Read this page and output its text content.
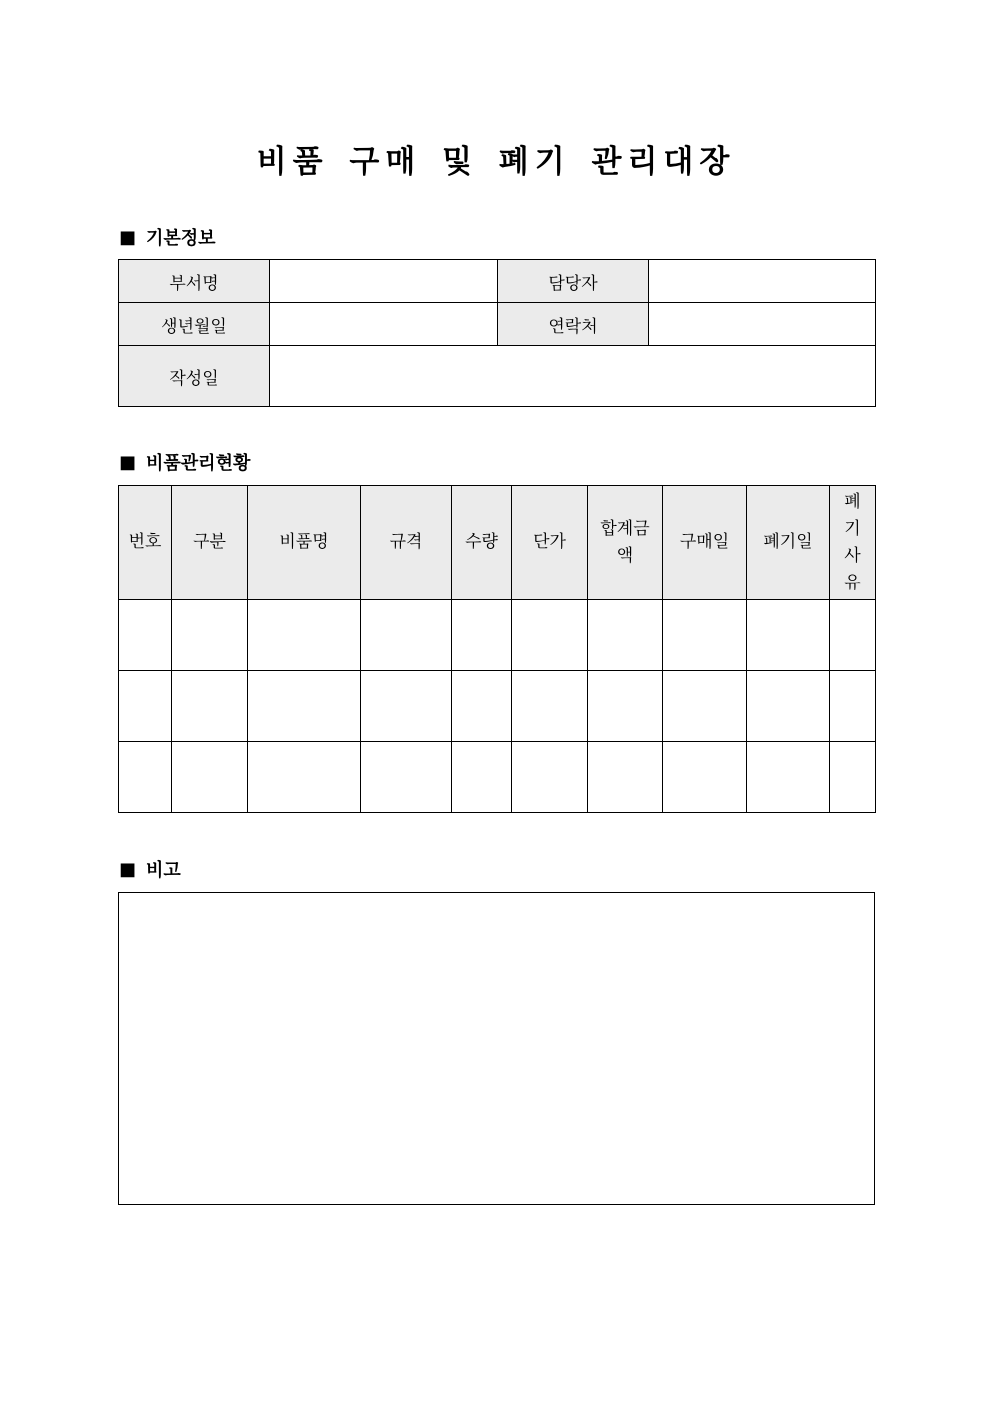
비품 구매 및 폐기 관리대장
■ 기본정보
부서명		담당자	
생년월일		연락처	
작성일			
■ 비품관리현황
번호	구분	비품명	규격	수량	단가	합계금액	구매일	폐기일	폐기사유

■ 비고
